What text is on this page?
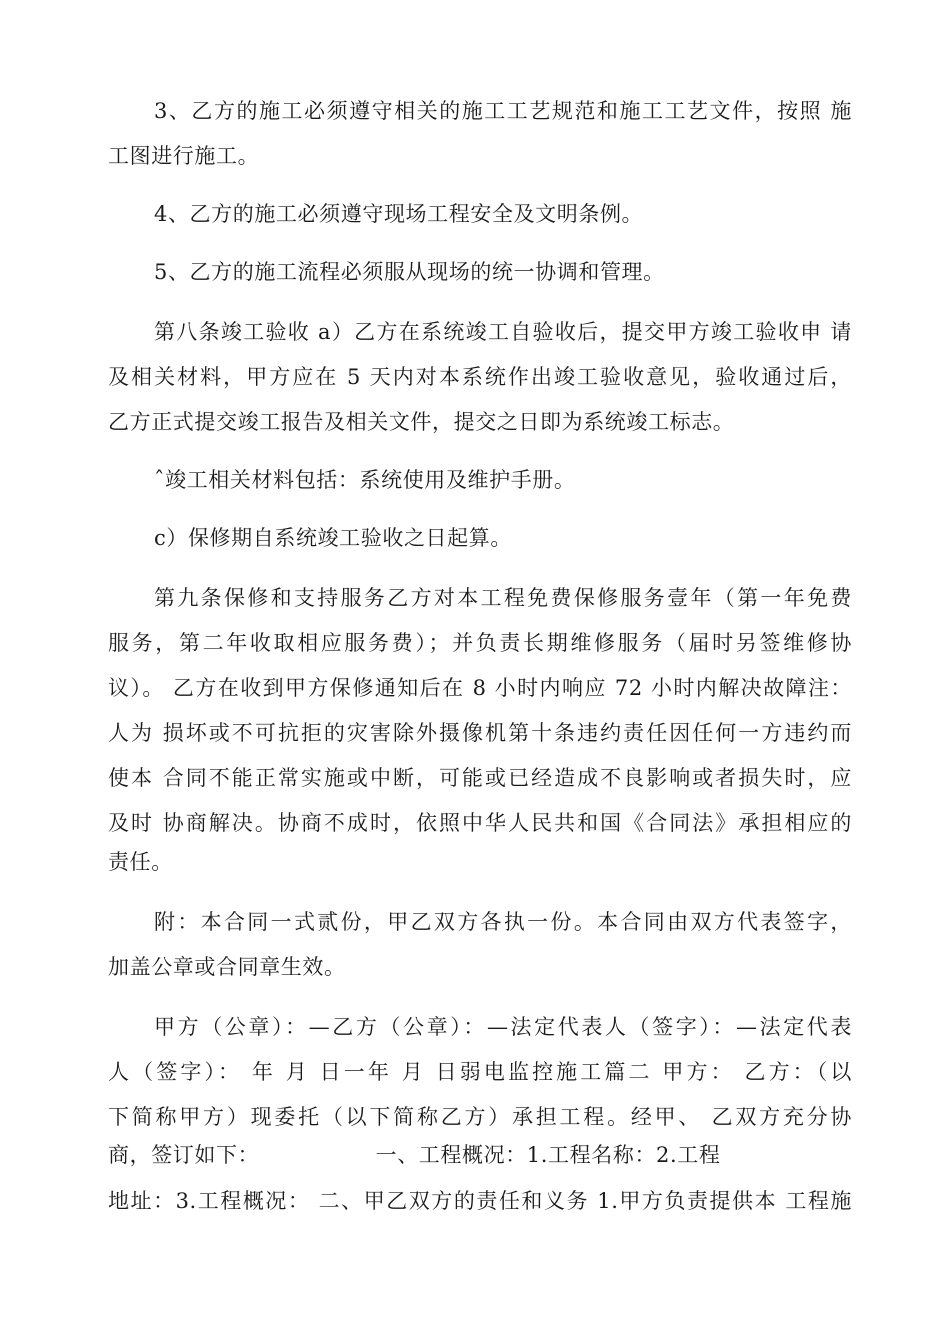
3、乙方的施工必须遵守相关的施工工艺规范和施工工艺文件，按照 施
工图进行施工。
4、乙方的施工必须遵守现场工程安全及文明条例。
5、乙方的施工流程必须服从现场的统一协调和管理。
第八条竣工验收 a）乙方在系统竣工自验收后，提交甲方竣工验收申 请
及相关材料，甲方应在 5 天内对本系统作出竣工验收意见，验收通过后，
乙方正式提交竣工报告及相关文件，提交之日即为系统竣工标志。
ˆ竣工相关材料包括：系统使用及维护手册。
c）保修期自系统竣工验收之日起算。
第九条保修和支持服务乙方对本工程免费保修服务壹年（第一年免费
服务，第二年收取相应服务费）；并负责长期维修服务（届时另签维修协
议）。 乙方在收到甲方保修通知后在 8 小时内响应 72 小时内解决故障注：
人为 损坏或不可抗拒的灾害除外摄像机第十条违约责任因任何一方违约而
使本 合同不能正常实施或中断，可能或已经造成不良影响或者损失时，应
及时 协商解决。协商不成时，依照中华人民共和国《合同法》承担相应的
责任。
附：本合同一式贰份，甲乙双方各执一份。本合同由双方代表签字，
加盖公章或合同章生效。
甲方（公章）：—乙方（公章）：—法定代表人（签字）：—法定代表
人（签字）： 年 月 日一年 月 日弱电监控施工篇二 甲方： 乙方：（以
下简称甲方）现委托（以下简称乙方）承担工程。经甲、 乙双方充分协
商，签订如下：                一、工程概况：1.工程名称：2.工程
地址：3.工程概况： 二、甲乙双方的责任和义务 1.甲方负责提供本 工程施
